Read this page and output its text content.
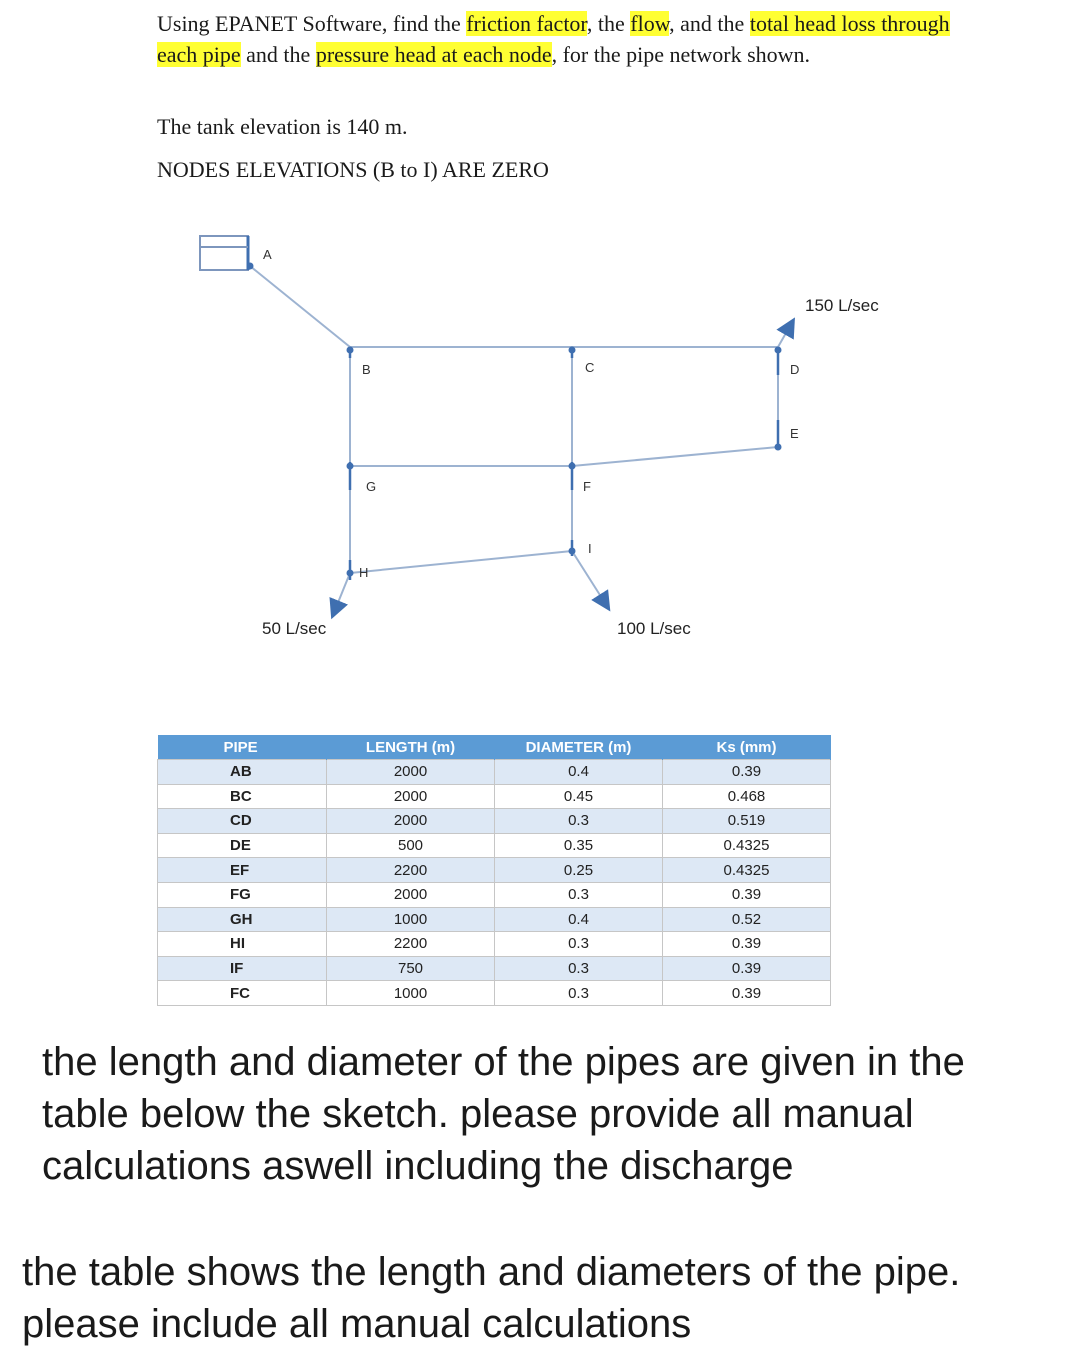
Using EPANET Software, find the friction factor, the flow, and the total head loss through each pipe and the pressure head at each node, for the pipe network shown.
The tank elevation is 140 m.
NODES ELEVATIONS (B to I) ARE ZERO
A
B	C	D
E
F
G
H
I
150 L/sec
50 L/sec	100 L/sec
PIPE	LENGTH (m)	DIAMETER (m)	Ks (mm)
AB	2000	0.4	0.39
BC	2000	0.45	0.468
CD	2000	0.3	0.519
DE	500	0.35	0.4325
EF	2200	0.25	0.4325
FG	2000	0.3	0.39
GH	1000	0.4	0.52
HI	2200	0.3	0.39
IF	750	0.3	0.39
FC	1000	0.3	0.39
the length and diameter of the pipes are given in the table below the sketch. please provide all manual calculations aswell including the discharge
the table shows the length and diameters of the pipe. please include all manual calculations
